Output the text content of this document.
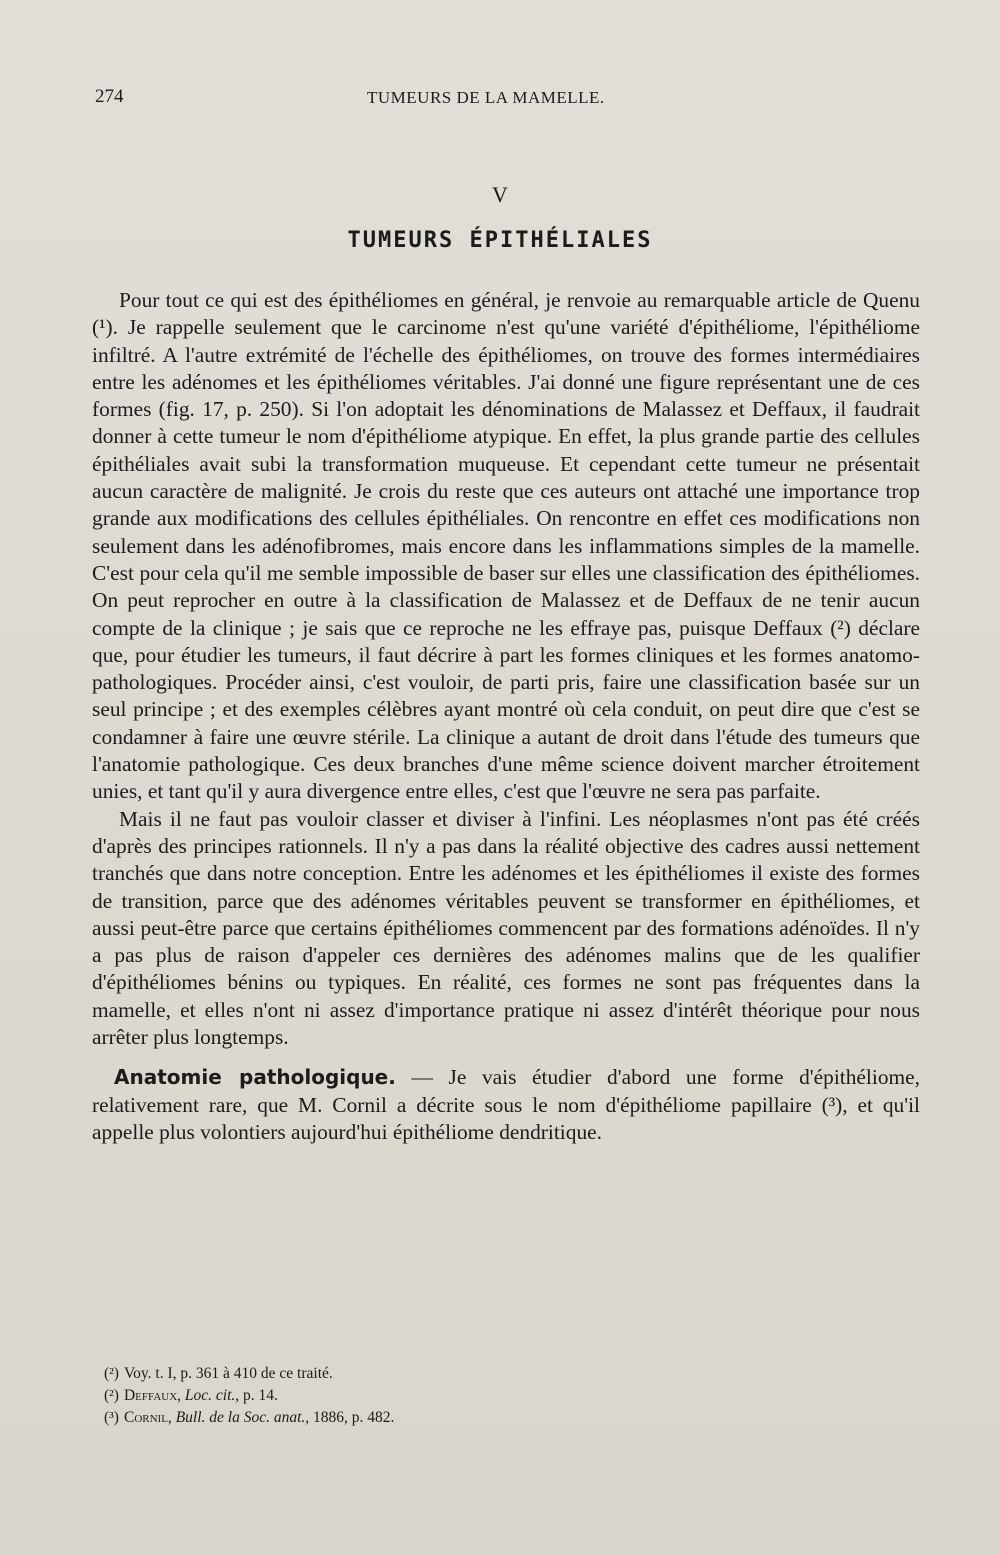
274	TUMEURS DE LA MAMELLE.
V
TUMEURS ÉPITHÉLIALES

Pour tout ce qui est des épithéliomes en général, je renvoie au remarquable article de Quenu (¹). Je rappelle seulement que le carcinome n'est qu'une variété d'épithéliome, l'épithéliome infiltré. A l'autre extrémité de l'échelle des épithéliomes, on trouve des formes intermédiaires entre les adénomes et les épithéliomes véritables. J'ai donné une figure représentant une de ces formes (fig. 17, p. 250). Si l'on adoptait les dénominations de Malassez et Deffaux, il faudrait donner à cette tumeur le nom d'épithéliome atypique. En effet, la plus grande partie des cellules épithéliales avait subi la transformation muqueuse. Et cependant cette tumeur ne présentait aucun caractère de malignité. Je crois du reste que ces auteurs ont attaché une importance trop grande aux modifications des cellules épithéliales. On rencontre en effet ces modifications non seulement dans les adénofibromes, mais encore dans les inflammations simples de la mamelle. C'est pour cela qu'il me semble impossible de baser sur elles une classification des épithéliomes. On peut reprocher en outre à la classification de Malassez et de Deffaux de ne tenir aucun compte de la clinique ; je sais que ce reproche ne les effraye pas, puisque Deffaux (²) déclare que, pour étudier les tumeurs, il faut décrire à part les formes cliniques et les formes anatomo-pathologiques. Procéder ainsi, c'est vouloir, de parti pris, faire une classification basée sur un seul principe ; et des exemples célèbres ayant montré où cela conduit, on peut dire que c'est se condamner à faire une œuvre stérile. La clinique a autant de droit dans l'étude des tumeurs que l'anatomie pathologique. Ces deux branches d'une même science doivent marcher étroitement unies, et tant qu'il y aura divergence entre elles, c'est que l'œuvre ne sera pas parfaite.

Mais il ne faut pas vouloir classer et diviser à l'infini. Les néoplasmes n'ont pas été créés d'après des principes rationnels. Il n'y a pas dans la réalité objective des cadres aussi nettement tranchés que dans notre conception. Entre les adénomes et les épithéliomes il existe des formes de transition, parce que des adénomes véritables peuvent se transformer en épithéliomes, et aussi peut-être parce que certains épithéliomes commencent par des formations adénoïdes. Il n'y a pas plus de raison d'appeler ces dernières des adénomes malins que de les qualifier d'épithéliomes bénins ou typiques. En réalité, ces formes ne sont pas fréquentes dans la mamelle, et elles n'ont ni assez d'importance pratique ni assez d'intérêt théorique pour nous arrêter plus longtemps.

Anatomie pathologique. — Je vais étudier d'abord une forme d'épithéliome, relativement rare, que M. Cornil a décrite sous le nom d'épithéliome papillaire (³), et qu'il appelle plus volontiers aujourd'hui épithéliome dendritique.

(²) Voy. t. I, p. 361 à 410 de ce traité.
(²) Deffaux, Loc. cit., p. 14.
(³) Cornil, Bull. de la Soc. anat., 1886, p. 482.
